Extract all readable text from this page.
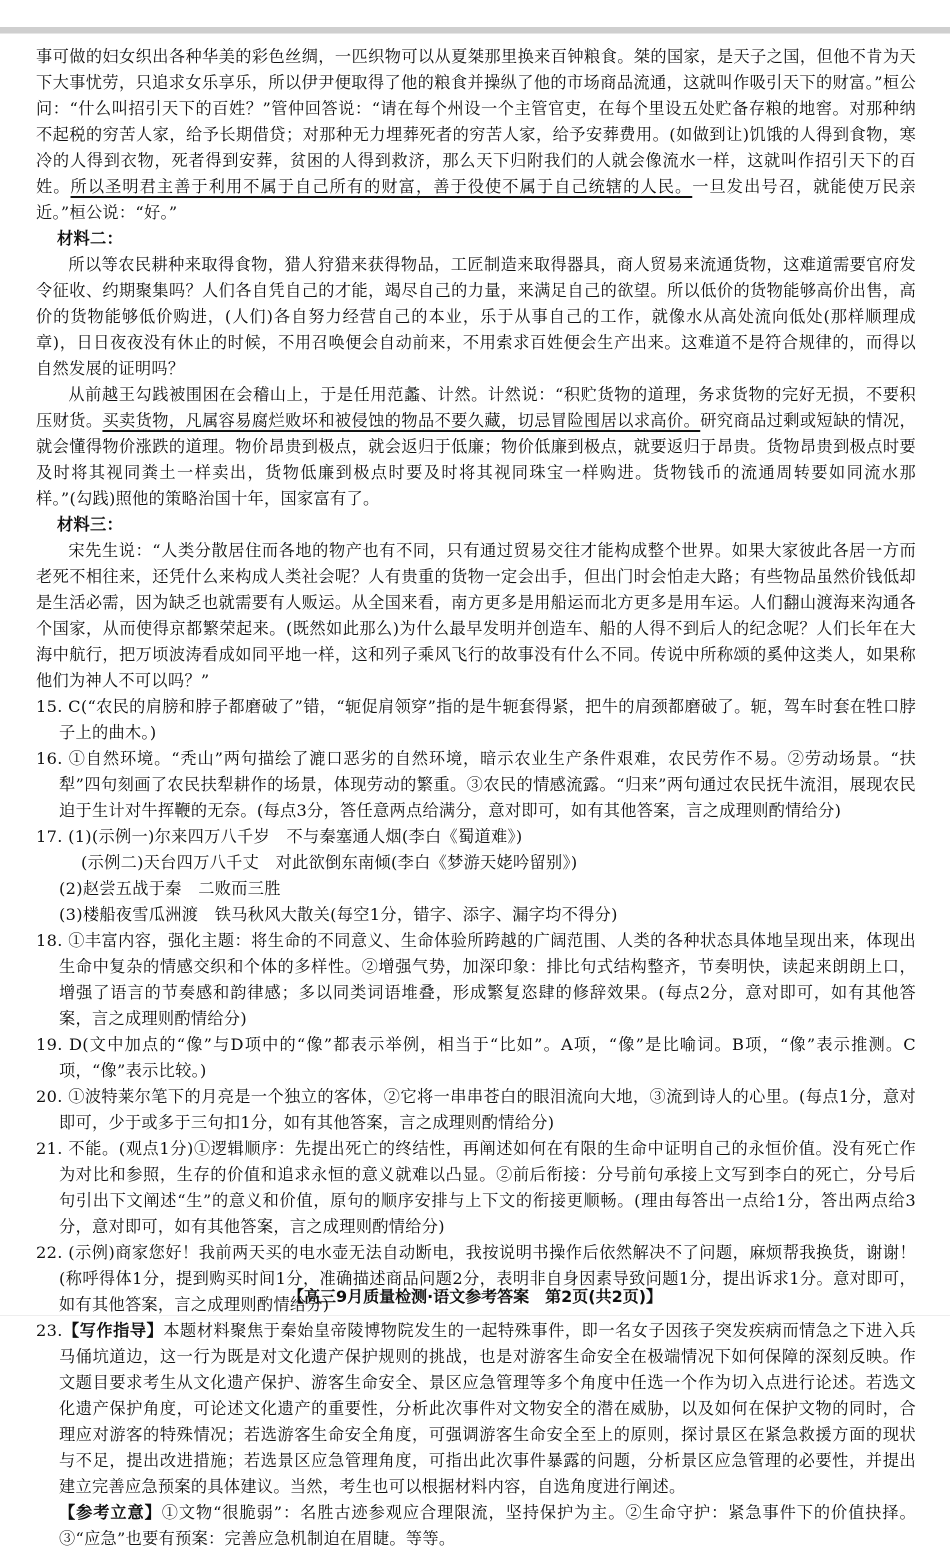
事可做的妇女织出各种华美的彩色丝绸，一匹织物可以从夏桀那里换来百钟粮食。桀的国家，是天子之国，但他不肯为天下大事忧劳，只追求女乐享乐，所以伊尹便取得了他的粮食并操纵了他的市场商品流通，这就叫作吸引天下的财富。”桓公问：“什么叫招引天下的百姓？”管仲回答说：“请在每个州设一个主管官吏，在每个里设五处贮备存粮的地窖。对那种纳不起税的穷苦人家，给予长期借贷；对那种无力埋葬死者的穷苦人家，给予安葬费用。(如做到让)饥饿的人得到食物，寒冷的人得到衣物，死者得到安葬，贫困的人得到救济，那么天下归附我们的人就会像流水一样，这就叫作招引天下的百姓。所以圣明君主善于利用不属于自己所有的财富，善于役使不属于自己统辖的人民。一旦发出号召，就能使万民亲近。”桓公说：“好。”

材料二：

所以等农民耕种来取得食物，猎人狩猎来获得物品，工匠制造来取得器具，商人贸易来流通货物，这难道需要官府发令征收、约期聚集吗？人们各自凭自己的才能，竭尽自己的力量，来满足自己的欲望。所以低价的货物能够高价出售，高价的货物能够低价购进，(人们)各自努力经营自己的本业，乐于从事自己的工作，就像水从高处流向低处(那样顺理成章)，日日夜夜没有休止的时候，不用召唤便会自动前来，不用索求百姓便会生产出来。这难道不是符合规律的，而得以自然发展的证明吗？

从前越王勾践被围困在会稽山上，于是任用范蠡、计然。计然说：“积贮货物的道理，务求货物的完好无损，不要积压财货。买卖货物，凡属容易腐烂败坏和被侵蚀的物品不要久藏，切忌冒险囤居以求高价。研究商品过剩或短缺的情况，就会懂得物价涨跌的道理。物价昂贵到极点，就会返归于低廉；物价低廉到极点，就要返归于昂贵。货物昂贵到极点时要及时将其视同粪土一样卖出，货物低廉到极点时要及时将其视同珠宝一样购进。货物钱币的流通周转要如同流水那样。”(勾践)照他的策略治国十年，国家富有了。

材料三：

宋先生说：“人类分散居住而各地的物产也有不同，只有通过贸易交往才能构成整个世界。如果大家彼此各居一方而老死不相往来，还凭什么来构成人类社会呢？人有贵重的货物一定会出手，但出门时会怕走大路；有些物品虽然价钱低却是生活必需，因为缺乏也就需要有人贩运。从全国来看，南方更多是用船运而北方更多是用车运。人们翻山渡海来沟通各个国家，从而使得京都繁荣起来。(既然如此那么)为什么最早发明并创造车、船的人得不到后人的纪念呢？人们长年在大海中航行，把万顷波涛看成如同平地一样，这和列子乘风飞行的故事没有什么不同。传说中所称颂的奚仲这类人，如果称他们为神人不可以吗？”

15. C(“农民的肩膀和脖子都磨破了”错，“轭促肩领穿”指的是牛轭套得紧，把牛的肩颈都磨破了。轭，驾车时套在牲口脖子上的曲木。)

16. ①自然环境。“秃山”两句描绘了漉口恶劣的自然环境，暗示农业生产条件艰难，农民劳作不易。②劳动场景。“扶犁”四句刻画了农民扶犁耕作的场景，体现劳动的繁重。③农民的情感流露。“归来”两句通过农民抚牛流泪，展现农民迫于生计对牛挥鞭的无奈。(每点3分，答任意两点给满分，意对即可，如有其他答案，言之成理则酌情给分)

17. (1)(示例一)尔来四万八千岁　不与秦塞通人烟(李白《蜀道难》)

(示例二)天台四万八千丈　对此欲倒东南倾(李白《梦游天姥吟留别》)

(2)赵尝五战于秦　二败而三胜

(3)楼船夜雪瓜洲渡　铁马秋风大散关(每空1分，错字、添字、漏字均不得分)

18. ①丰富内容，强化主题：将生命的不同意义、生命体验所跨越的广阔范围、人类的各种状态具体地呈现出来，体现出生命中复杂的情感交织和个体的多样性。②增强气势，加深印象：排比句式结构整齐，节奏明快，读起来朗朗上口，增强了语言的节奏感和韵律感；多以同类词语堆叠，形成繁复恣肆的修辞效果。(每点2分，意对即可，如有其他答案，言之成理则酌情给分)

19. D(文中加点的“像”与D项中的“像”都表示举例，相当于“比如”。A项，“像”是比喻词。B项，“像”表示推测。C项，“像”表示比较。)

20. ①波特莱尔笔下的月亮是一个独立的客体，②它将一串串苍白的眼泪流向大地，③流到诗人的心里。(每点1分，意对即可，少于或多于三句扣1分，如有其他答案，言之成理则酌情给分)

21. 不能。(观点1分)①逻辑顺序：先提出死亡的终结性，再阐述如何在有限的生命中证明自己的永恒价值。没有死亡作为对比和参照，生存的价值和追求永恒的意义就难以凸显。②前后衔接：分号前句承接上文写到李白的死亡，分号后句引出下文阐述“生”的意义和价值，原句的顺序安排与上下文的衔接更顺畅。(理由每答出一点给1分，答出两点给3分，意对即可，如有其他答案，言之成理则酌情给分)

22. (示例)商家您好！我前两天买的电水壶无法自动断电，我按说明书操作后依然解决不了问题，麻烦帮我换货，谢谢！(称呼得体1分，提到购买时间1分，准确描述商品问题2分，表明非自身因素导致问题1分，提出诉求1分。意对即可，如有其他答案，言之成理则酌情给分)

23.【写作指导】本题材料聚焦于秦始皇帝陵博物院发生的一起特殊事件，即一名女子因孩子突发疾病而情急之下进入兵马俑坑道边，这一行为既是对文化遗产保护规则的挑战，也是对游客生命安全在极端情况下如何保障的深刻反映。作文题目要求考生从文化遗产保护、游客生命安全、景区应急管理等多个角度中任选一个作为切入点进行论述。若选文化遗产保护角度，可论述文化遗产的重要性，分析此次事件对文物安全的潜在威胁，以及如何在保护文物的同时，合理应对游客的特殊情况；若选游客生命安全角度，可强调游客生命安全至上的原则，探讨景区在紧急救援方面的现状与不足，提出改进措施；若选景区应急管理角度，可指出此次事件暴露的问题，分析景区应急管理的必要性，并提出建立完善应急预案的具体建议。当然，考生也可以根据材料内容，自选角度进行阐述。

【参考立意】①文物“很脆弱”：名胜古迹参观应合理限流，坚持保护为主。②生命守护：紧急事件下的价值抉择。③“应急”也要有预案：完善应急机制迫在眉睫。等等。

【高三9月质量检测·语文参考答案　第2页(共2页)】
